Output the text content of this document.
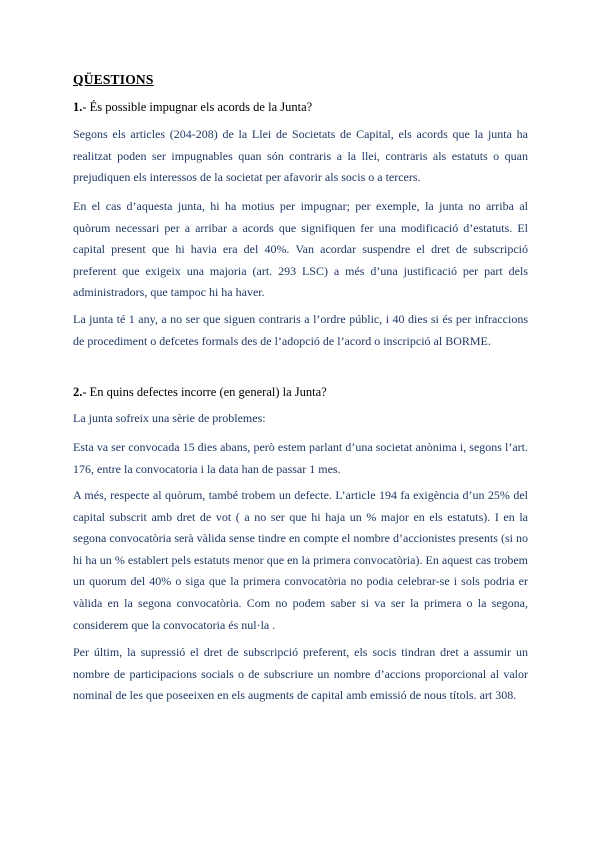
QÜESTIONS
1.- És possible impugnar els acords de la Junta?

Segons els articles (204-208) de la Llei de Societats de Capital, els acords que la junta ha realitzat poden ser impugnables quan són contraris a la llei, contraris als estatuts o quan prejudiquen els interessos de la societat per afavorir als socis o a tercers.

En el cas d’aquesta junta, hi ha motius per impugnar; per exemple, la junta no arriba al quòrum necessari per a arribar a acords que signifiquen fer una modificació d’estatuts. El capital present que hi havia era del 40%. Van acordar suspendre el dret de subscripció preferent que exigeix una majoria (art. 293 LSC) a més d’una justificació per part dels administradors, que tampoc hi ha haver.

La junta té 1 any, a no ser que siguen contraris a l’ordre públic, i 40 dies si és per infraccions de procediment o defcetes formals des de l’adopció de l’acord o inscripció al BORME.

2.- En quins defectes incorre (en general) la Junta?

La junta sofreix una sèrie de problemes:

Esta va ser convocada 15 dies abans, però estem parlant d’una societat anònima i, segons l’art. 176, entre la convocatoria i la data han de passar 1 mes.

A més, respecte al quòrum, també trobem un defecte. L’article 194 fa exigència d’un 25% del capital subscrit amb dret de vot ( a no ser que hi haja un % major en els estatuts). I en la segona convocatòria serà vàlida sense tindre en compte el nombre d’accionistes presents (si no hi ha un % establert pels estatuts menor que en la primera convocatòria). En aquest cas trobem un quorum del 40% o siga que la primera convocatòria no podia celebrar-se i sols podria er vàlida en la segona convocatòria. Com no podem saber si va ser la primera o la segona, considerem que la convocatoria és nul·la .

Per últim, la supressió el dret de subscripció preferent, els socis tindran dret a assumir un nombre de participacions socials o de subscriure un nombre d’accions proporcional al valor nominal de les que poseeixen en els augments de capital amb emissió de nous títols. art 308.
